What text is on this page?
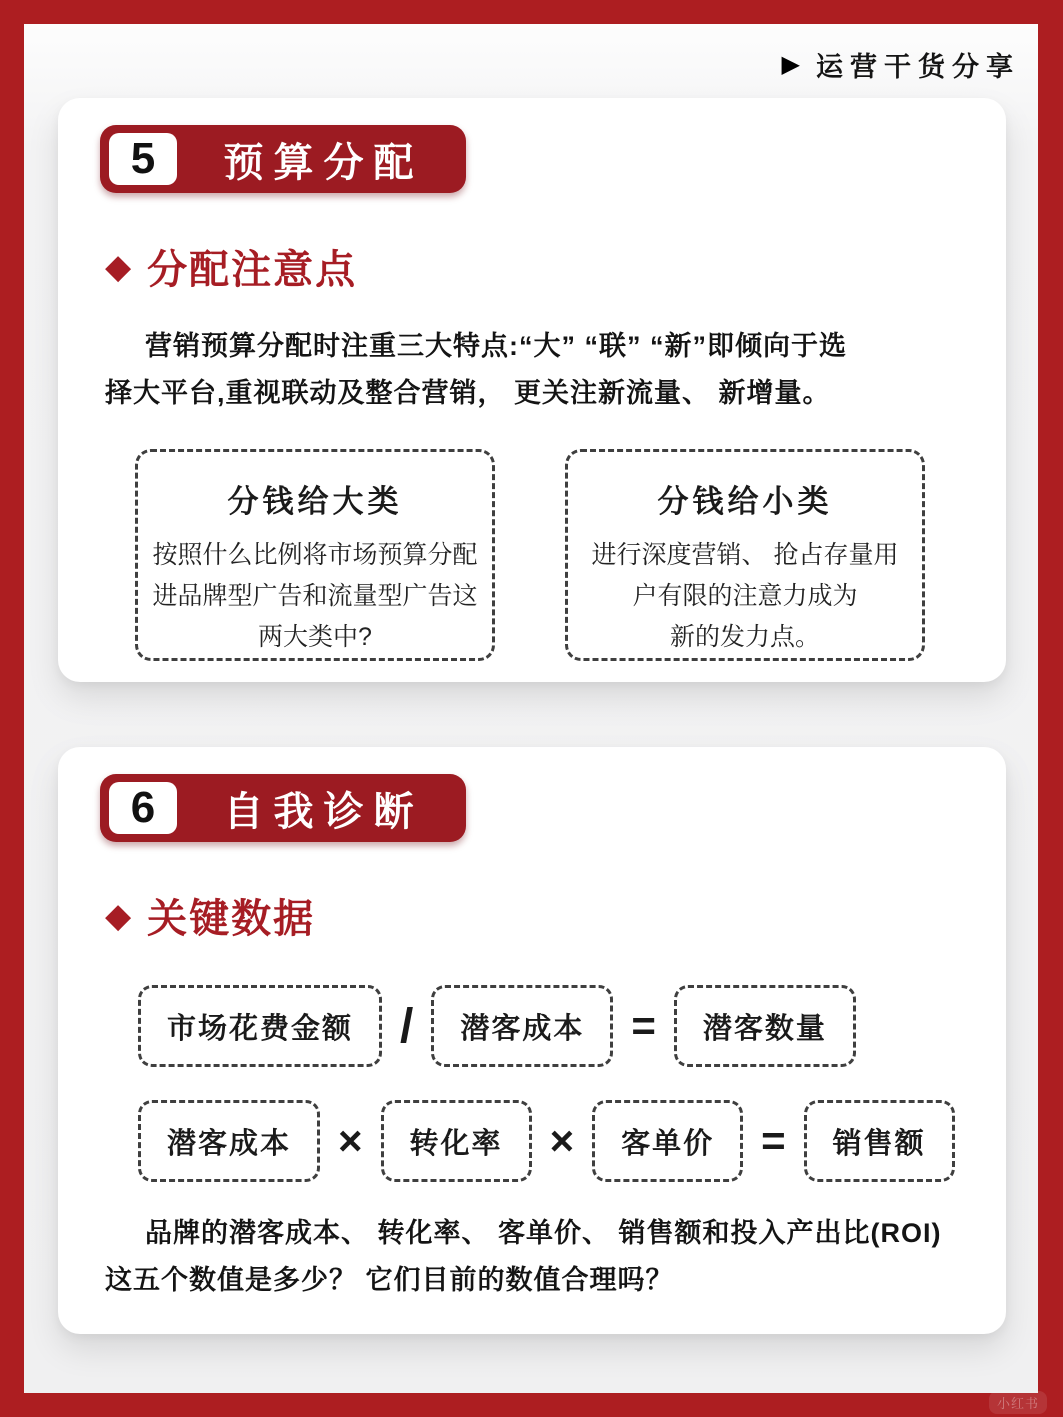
▶ 运营干货分享
5	预算分配
◆ 分配注意点
营销预算分配时注重三大特点:“大” “联” “新”即倾向于选
择大平台,重视联动及整合营销， 更关注新流量、 新增量。
分钱给大类
按照什么比例将市场预算分配
进品牌型广告和流量型广告这
两大类中?
分钱给小类
进行深度营销、 抢占存量用
户有限的注意力成为
新的发力点。
6	自我诊断
◆ 关键数据
市场花费金额 /	潜客成本	=	潜客数量
潜客成本	×	转化率	×	客单价	=	销售额
品牌的潜客成本、 转化率、 客单价、 销售额和投入产出比(ROI)
这五个数值是多少？ 它们目前的数值合理吗？
小红书
